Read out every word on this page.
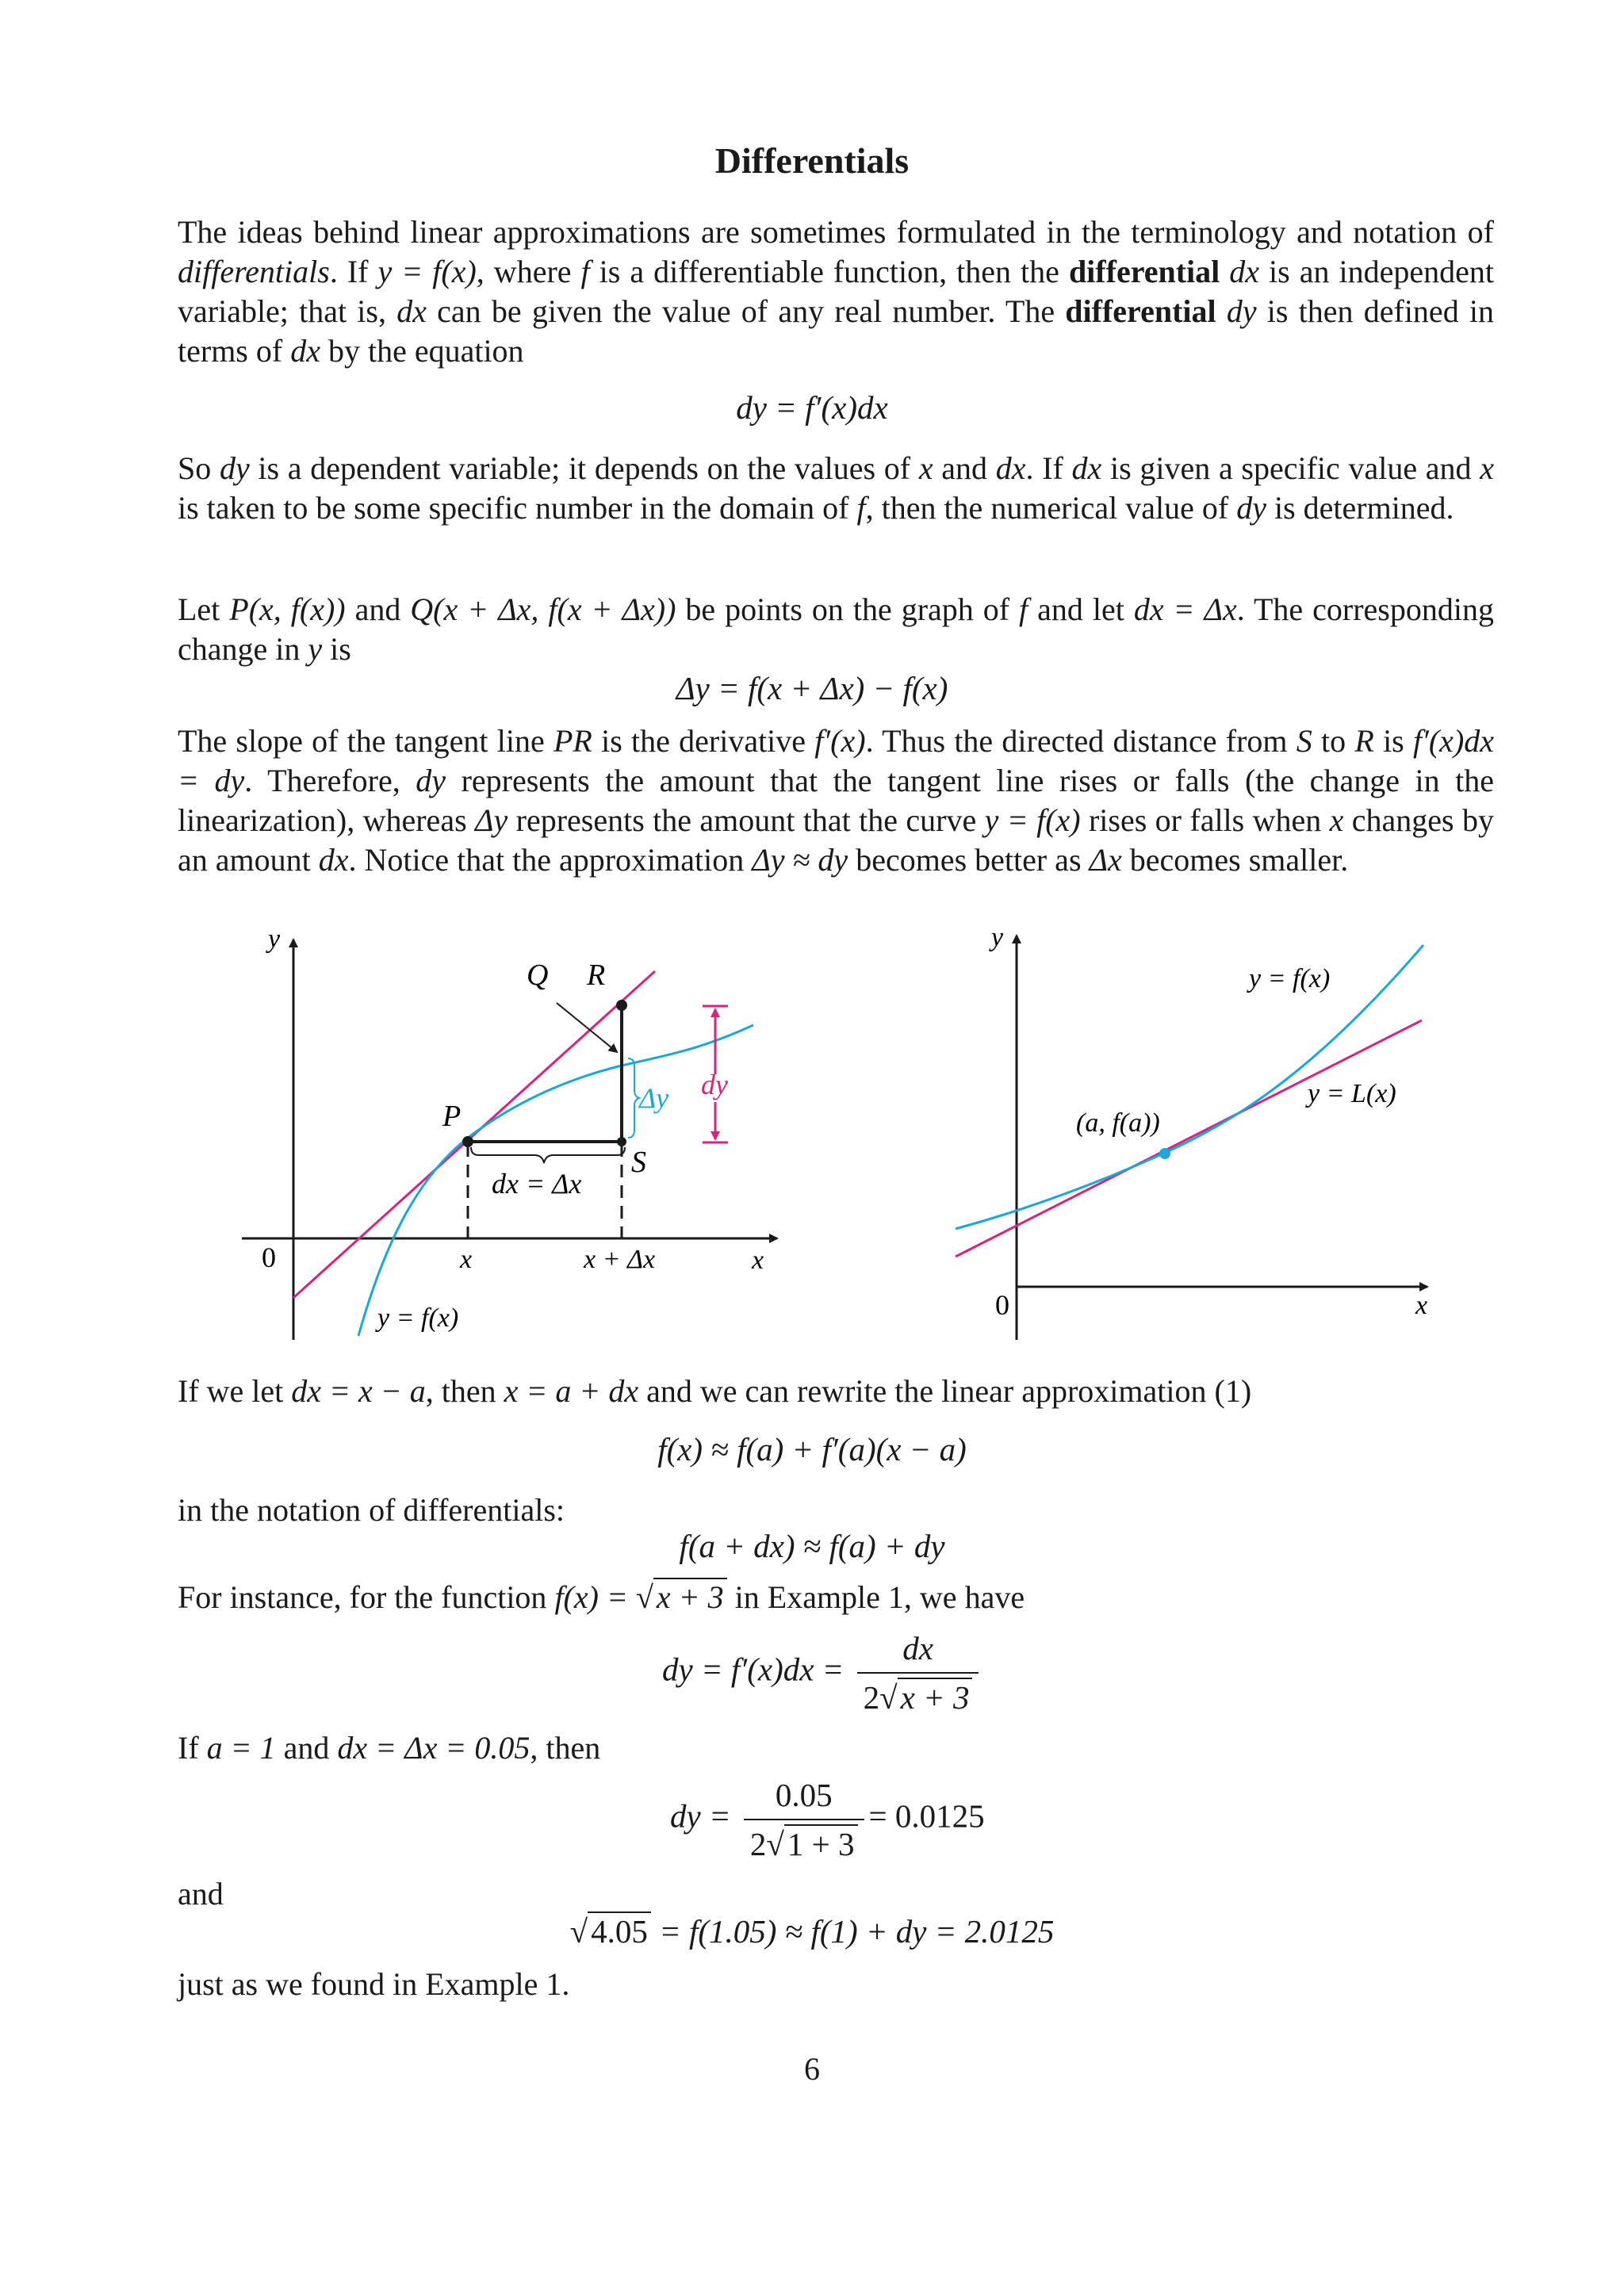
Differentials
The ideas behind linear approximations are sometimes formulated in the terminology and notation of differentials. If y = f(x), where f is a differentiable function, then the differential dx is an independent variable; that is, dx can be given the value of any real number. The differential dy is then defined in terms of dx by the equation
dy = f′(x)dx
So dy is a dependent variable; it depends on the values of x and dx. If dx is given a specific value and x is taken to be some specific number in the domain of f, then the numerical value of dy is determined.
Let P(x, f(x)) and Q(x + Δx, f(x + Δx)) be points on the graph of f and let dx = Δx. The corresponding change in y is
Δy = f(x + Δx) − f(x)
The slope of the tangent line PR is the derivative f′(x). Thus the directed distance from S to R is f′(x)dx = dy. Therefore, dy represents the amount that the tangent line rises or falls (the change in the linearization), whereas Δy represents the amount that the curve y = f(x) rises or falls when x changes by an amount dx. Notice that the approximation Δy ≈ dy becomes better as Δx becomes smaller.
y
x
0
dy
Q R
P
S
Δy
dx = Δx
x	x + Δx
y = f(x)
y
x
0
(a, f(a))
y = f(x)
y = L(x)
If we let dx = x − a, then x = a + dx and we can rewrite the linear approximation (1)
f(x) ≈ f(a) + f′(a)(x − a)
in the notation of differentials:
f(a + dx) ≈ f(a) + dy
For instance, for the function f(x) = √ x + 3 in Example 1, we have
dy = $f'(x)dx = \frac{dx}{2√x + 3}$
If a = 1 and dx = Δx = 0.05, then
dy = $\frac{0.05}{2√1 + 3} = 0.0125$
and
√4.05 = f(1.05) ≈ f(1) + dy = 2.0125
just as we found in Example 1.
6
